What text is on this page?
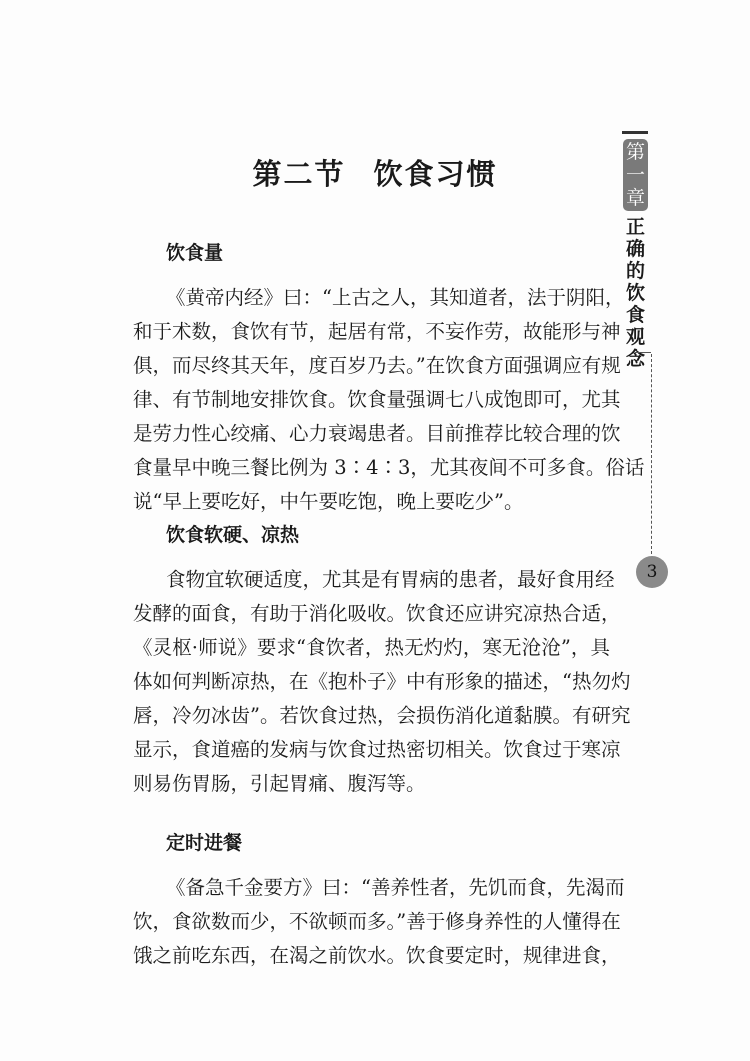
第二节 饮食习惯
饮食量
《黄帝内经》曰：“上古之人，其知道者，法于阴阳，
和于术数，食饮有节，起居有常，不妄作劳，故能形与神
俱，而尽终其天年，度百岁乃去。”在饮食方面强调应有规
律、有节制地安排饮食。饮食量强调七八成饱即可，尤其
是劳力性心绞痛、心力衰竭患者。目前推荐比较合理的饮
食量早中晚三餐比例为 3∶4∶3，尤其夜间不可多食。俗话
说“早上要吃好，中午要吃饱，晚上要吃少”。
饮食软硬、凉热
食物宜软硬适度，尤其是有胃病的患者，最好食用经
发酵的面食，有助于消化吸收。饮食还应讲究凉热合适，
《灵枢·师说》要求“食饮者，热无灼灼，寒无沧沧”，具
体如何判断凉热，在《抱朴子》中有形象的描述，“热勿灼
唇，冷勿冰齿”。若饮食过热，会损伤消化道黏膜。有研究
显示，食道癌的发病与饮食过热密切相关。饮食过于寒凉
则易伤胃肠，引起胃痛、腹泻等。
定时进餐
《备急千金要方》曰：“善养性者，先饥而食，先渴而
饮，食欲数而少，不欲顿而多。”善于修身养性的人懂得在
饿之前吃东西，在渴之前饮水。饮食要定时，规律进食，
第
一
章
正
确
的
饮
食
观
念
3
